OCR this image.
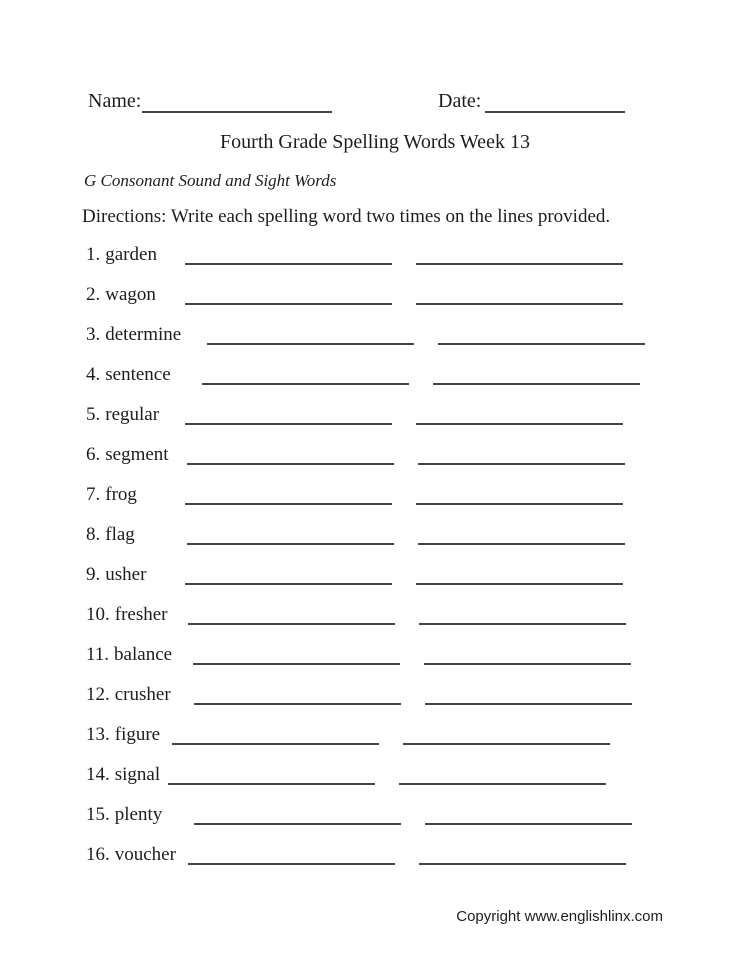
Name:	Date:
Fourth Grade Spelling Words Week 13
G Consonant Sound and Sight Words
Directions: Write each spelling word two times on the lines provided.
1. garden
2. wagon
3. determine
4. sentence
5. regular
6. segment
7. frog
8. flag
9. usher
10. fresher
11. balance
12. crusher
13. figure
14. signal
15. plenty
16. voucher
Copyright www.englishlinx.com
